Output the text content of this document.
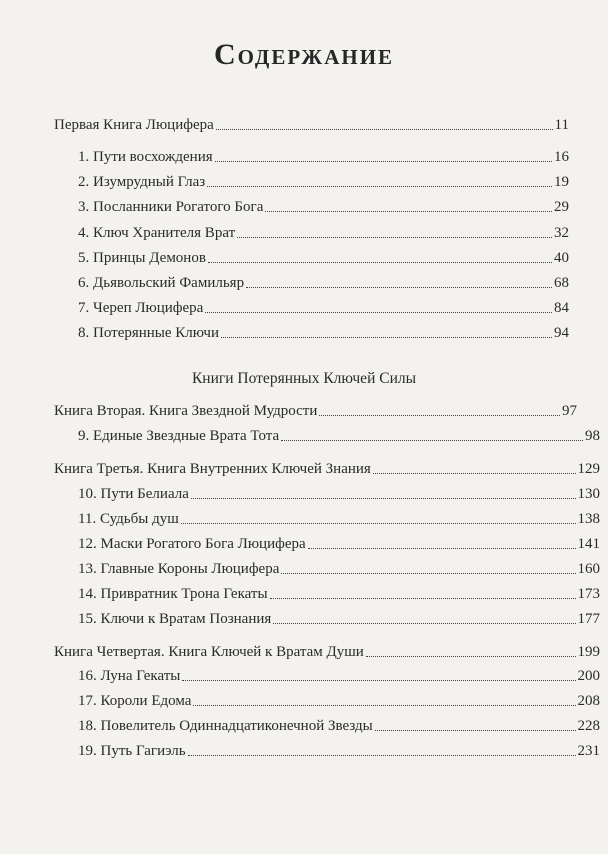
Содержание
Книги Потерянных Ключей Силы
Первая Книга Люцифера	11
1. Пути восхождения	16
2. Изумрудный Глаз	19
3. Посланники Рогатого Бога	29
4. Ключ Хранителя Врат	32
5. Принцы Демонов	40
6. Дьявольский Фамильяр	68
7. Череп Люцифера	84
8. Потерянные Ключи	94
Книга Вторая. Книга Звездной Мудрости	97
9. Единые Звездные Врата Тота	98
Книга Третья. Книга Внутренних Ключей Знания	129
10. Пути Белиала	130
11. Судьбы душ	138
12. Маски Рогатого Бога Люцифера	141
13. Главные Короны Люцифера	160
14. Привратник Трона Гекаты	173
15. Ключи к Вратам Познания	177
Книга Четвертая. Книга Ключей к Вратам Души	199
16. Луна Гекаты	200
17. Короли Едома	208
18. Повелитель Одиннадцатиконечной Звезды	228
19. Путь Гагиэль	231
